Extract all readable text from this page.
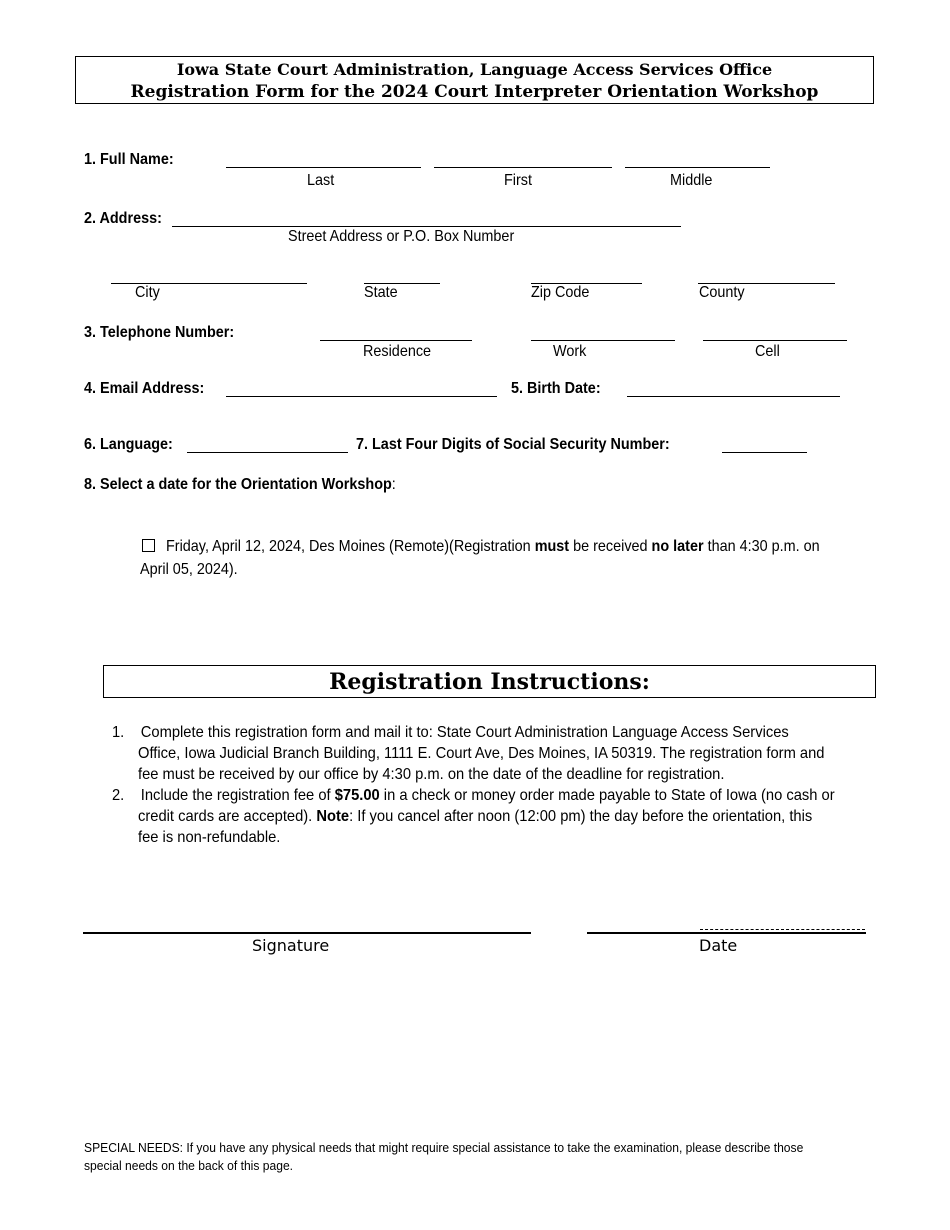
Iowa State Court Administration, Language Access Services Office
Registration Form for the 2024 Court Interpreter Orientation Workshop
1. Full Name:
Last	First	Middle
2. Address:
Street Address or P.O. Box Number
City	State	Zip Code	County
3. Telephone Number:
Residence	Work	Cell
4. Email Address:	5. Birth Date:
6. Language:	7. Last Four Digits of Social Security Number:
8. Select a date for the Orientation Workshop:
Friday, April 12, 2024, Des Moines (Remote)(Registration must be received no later than 4:30 p.m. on
April 05, 2024).
Registration Instructions:
1. Complete this registration form and mail it to: State Court Administration Language Access Services
Office, Iowa Judicial Branch Building, 1111 E. Court Ave, Des Moines, IA 50319. The registration form and
fee must be received by our office by 4:30 p.m. on the date of the deadline for registration.
2. Include the registration fee of $75.00 in a check or money order made payable to State of Iowa (no cash or
credit cards are accepted). Note: If you cancel after noon (12:00 pm) the day before the orientation, this
fee is non-refundable.
Signature	Date
SPECIAL NEEDS: If you have any physical needs that might require special assistance to take the examination, please describe those
special needs on the back of this page.
